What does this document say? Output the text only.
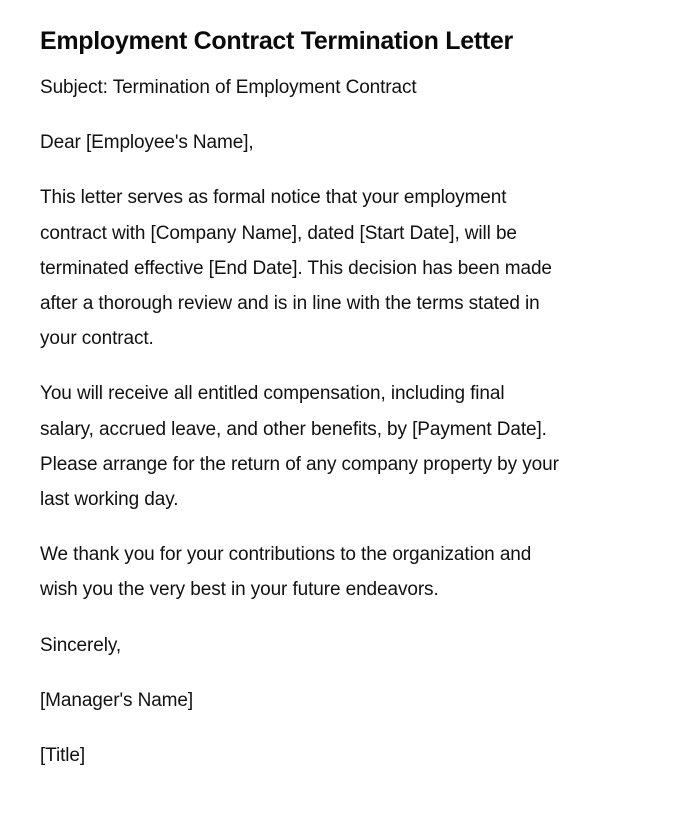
Employment Contract Termination Letter

Subject: Termination of Employment Contract

Dear [Employee's Name],

This letter serves as formal notice that your employment
contract with [Company Name], dated [Start Date], will be
terminated effective [End Date]. This decision has been made
after a thorough review and is in line with the terms stated in
your contract.

You will receive all entitled compensation, including final
salary, accrued leave, and other benefits, by [Payment Date].
Please arrange for the return of any company property by your
last working day.

We thank you for your contributions to the organization and
wish you the very best in your future endeavors.

Sincerely,

[Manager's Name]

[Title]
